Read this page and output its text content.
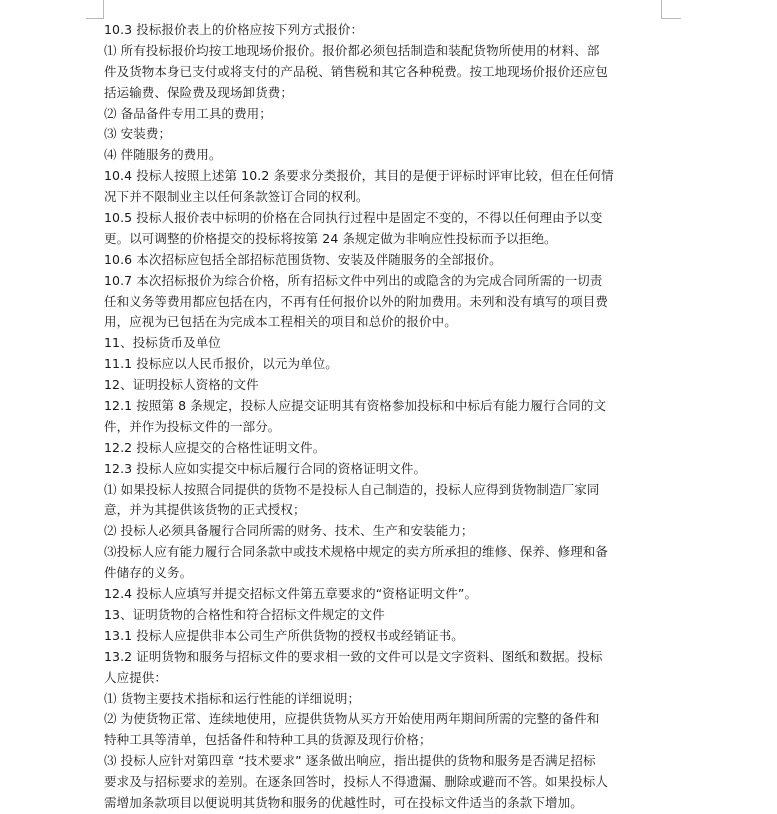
10.3 投标报价表上的价格应按下列方式报价：
⑴ 所有投标报价均按工地现场价报价。报价都必须包括制造和装配货物所使用的材料、部
件及货物本身已支付或将支付的产品税、销售税和其它各种税费。按工地现场价报价还应包
括运输费、保险费及现场卸货费；
⑵ 备品备件专用工具的费用；
⑶ 安装费；
⑷ 伴随服务的费用。
10.4 投标人按照上述第 10.2 条要求分类报价，其目的是便于评标时评审比较，但在任何情
况下并不限制业主以任何条款签订合同的权利。
10.5 投标人报价表中标明的价格在合同执行过程中是固定不变的，不得以任何理由予以变
更。以可调整的价格提交的投标将按第 24 条规定做为非响应性投标而予以拒绝。
10.6 本次招标应包括全部招标范围货物、安装及伴随服务的全部报价。
10.7 本次招标报价为综合价格，所有招标文件中列出的或隐含的为完成合同所需的一切责
任和义务等费用都应包括在内，不再有任何报价以外的附加费用。未列和没有填写的项目费
用，应视为已包括在为完成本工程相关的项目和总价的报价中。
11、投标货币及单位
11.1 投标应以人民币报价，以元为单位。
12、证明投标人资格的文件
12.1 按照第 8 条规定，投标人应提交证明其有资格参加投标和中标后有能力履行合同的文
件，并作为投标文件的一部分。
12.2 投标人应提交的合格性证明文件。
12.3 投标人应如实提交中标后履行合同的资格证明文件。
⑴ 如果投标人按照合同提供的货物不是投标人自己制造的，投标人应得到货物制造厂家同
意，并为其提供该货物的正式授权；
⑵ 投标人必须具备履行合同所需的财务、技术、生产和安装能力；
⑶投标人应有能力履行合同条款中或技术规格中规定的卖方所承担的维修、保养、修理和备
件储存的义务。
12.4 投标人应填写并提交招标文件第五章要求的“资格证明文件”。
13、证明货物的合格性和符合招标文件规定的文件
13.1 投标人应提供非本公司生产所供货物的授权书或经销证书。
13.2 证明货物和服务与招标文件的要求相一致的文件可以是文字资料、图纸和数据。投标
人应提供：
⑴ 货物主要技术指标和运行性能的详细说明；
⑵ 为使货物正常、连续地使用，应提供货物从买方开始使用两年期间所需的完整的备件和
特种工具等清单，包括备件和特种工具的货源及现行价格；
⑶ 投标人应针对第四章 “技术要求” 逐条做出响应，指出提供的货物和服务是否满足招标
要求及与招标要求的差别。在逐条回答时，投标人不得遗漏、删除或避而不答。如果投标人
需增加条款项目以便说明其货物和服务的优越性时，可在投标文件适当的条款下增加。
